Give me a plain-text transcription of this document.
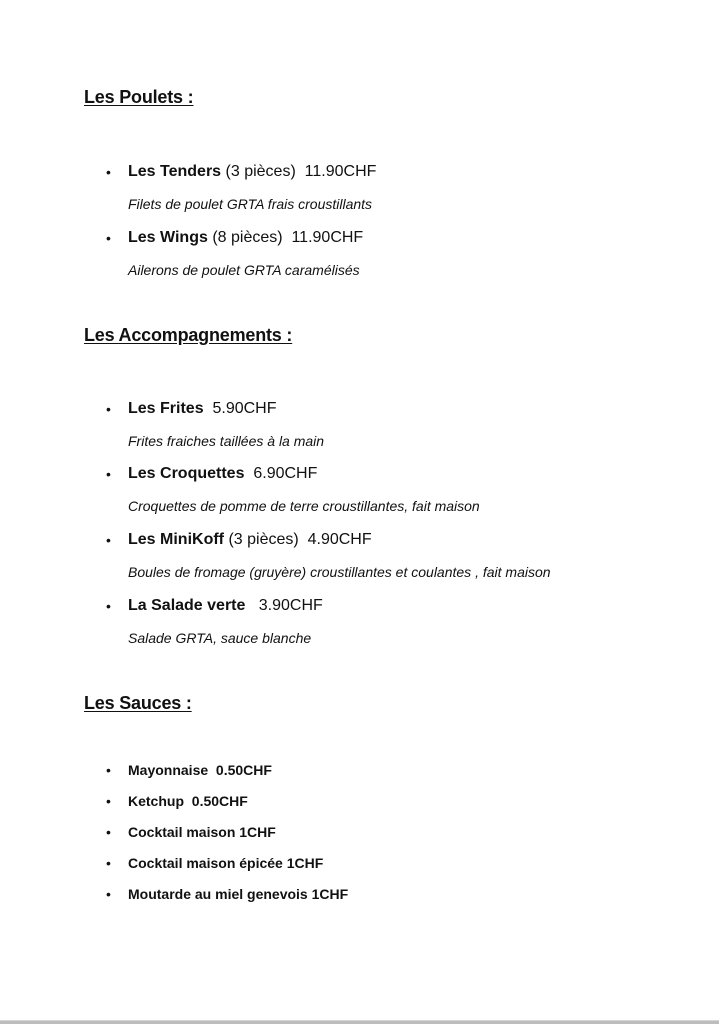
Les Poulets :
• Les Tenders (3 pièces)  11.90CHF
Filets de poulet GRTA frais croustillants
• Les Wings (8 pièces)  11.90CHF
Ailerons de poulet GRTA caramélisés
Les Accompagnements :
• Les Frites  5.90CHF
Frites fraiches taillées à la main
• Les Croquettes  6.90CHF
Croquettes de pomme de terre croustillantes, fait maison
• Les MiniKoff (3 pièces)  4.90CHF
Boules de fromage (gruyère) croustillantes et coulantes , fait maison
• La Salade verte   3.90CHF
Salade GRTA, sauce blanche
Les Sauces :
• Mayonnaise  0.50CHF
• Ketchup  0.50CHF
• Cocktail maison 1CHF
• Cocktail maison épicée 1CHF
• Moutarde au miel genevois 1CHF
